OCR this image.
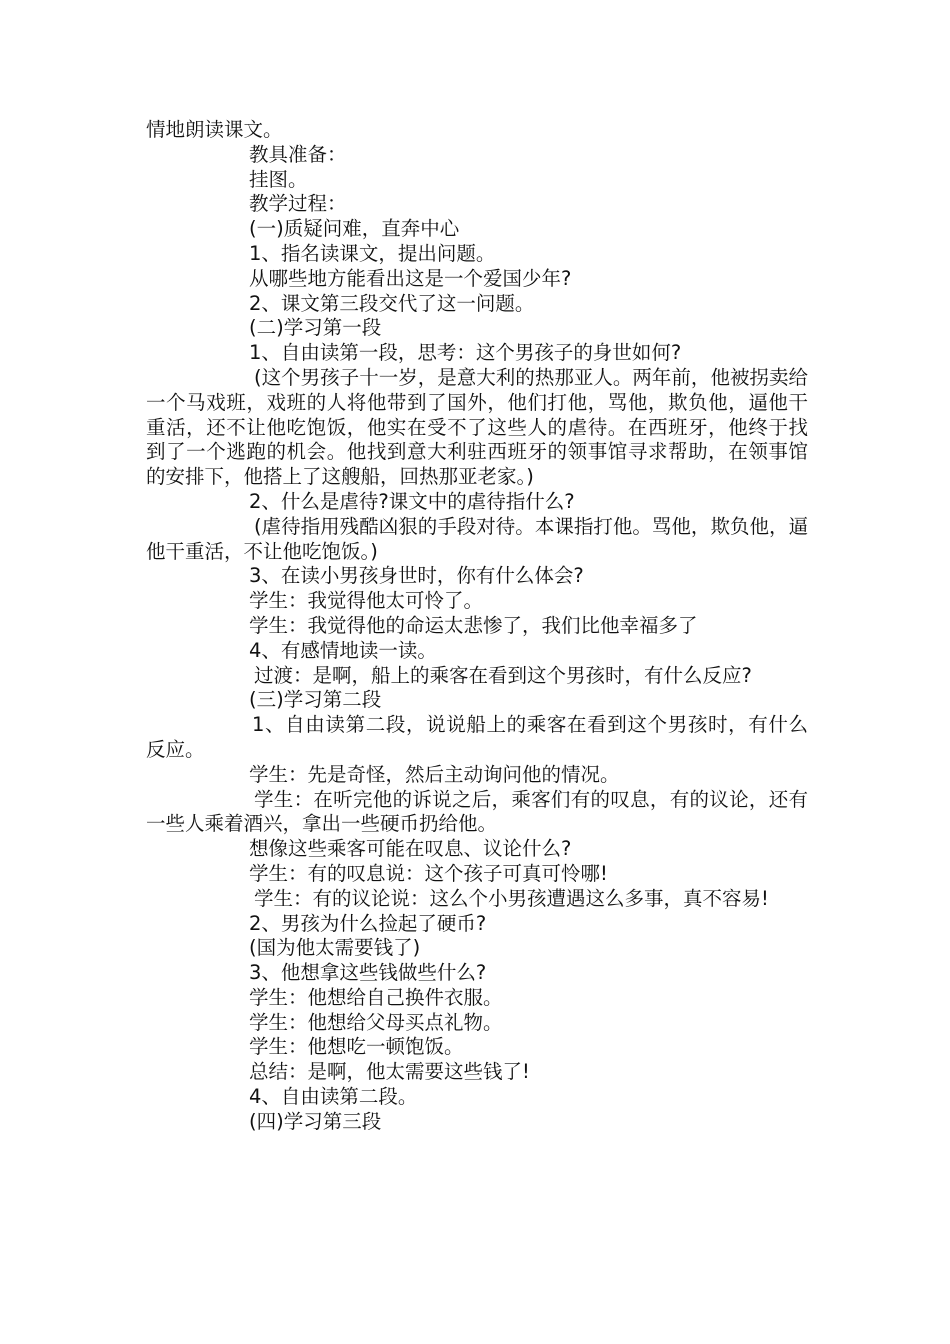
情地朗读课文。
教具准备：
挂图。
教学过程：
(一)质疑问难，直奔中心
1、指名读课文，提出问题。
从哪些地方能看出这是一个爱国少年?
2、课文第三段交代了这一问题。
(二)学习第一段
1、自由读第一段，思考：这个男孩子的身世如何?
(这个男孩子十一岁，是意大利的热那亚人。两年前，他被拐卖给一个马戏班，戏班的人将他带到了国外，他们打他，骂他，欺负他，逼他干重活，还不让他吃饱饭，他实在受不了这些人的虐待。在西班牙，他终于找到了一个逃跑的机会。他找到意大利驻西班牙的领事馆寻求帮助，在领事馆的安排下，他搭上了这艘船，回热那亚老家。)
2、什么是虐待?课文中的虐待指什么?
(虐待指用残酷凶狠的手段对待。本课指打他。骂他，欺负他，逼他干重活，不让他吃饱饭。)
3、在读小男孩身世时，你有什么体会?
学生：我觉得他太可怜了。
学生：我觉得他的命运太悲惨了，我们比他幸福多了
4、有感情地读一读。
过渡：是啊，船上的乘客在看到这个男孩时，有什么反应?
(三)学习第二段
1、自由读第二段，说说船上的乘客在看到这个男孩时，有什么反应。
学生：先是奇怪，然后主动询问他的情况。
学生：在听完他的诉说之后，乘客们有的叹息，有的议论，还有一些人乘着酒兴，拿出一些硬币扔给他。
想像这些乘客可能在叹息、议论什么?
学生：有的叹息说：这个孩子可真可怜哪!
学生：有的议论说：这么个小男孩遭遇这么多事，真不容易!
2、男孩为什么捡起了硬币?
(国为他太需要钱了)
3、他想拿这些钱做些什么?
学生：他想给自己换件衣服。
学生：他想给父母买点礼物。
学生：他想吃一顿饱饭。
总结：是啊，他太需要这些钱了!
4、自由读第二段。
(四)学习第三段
